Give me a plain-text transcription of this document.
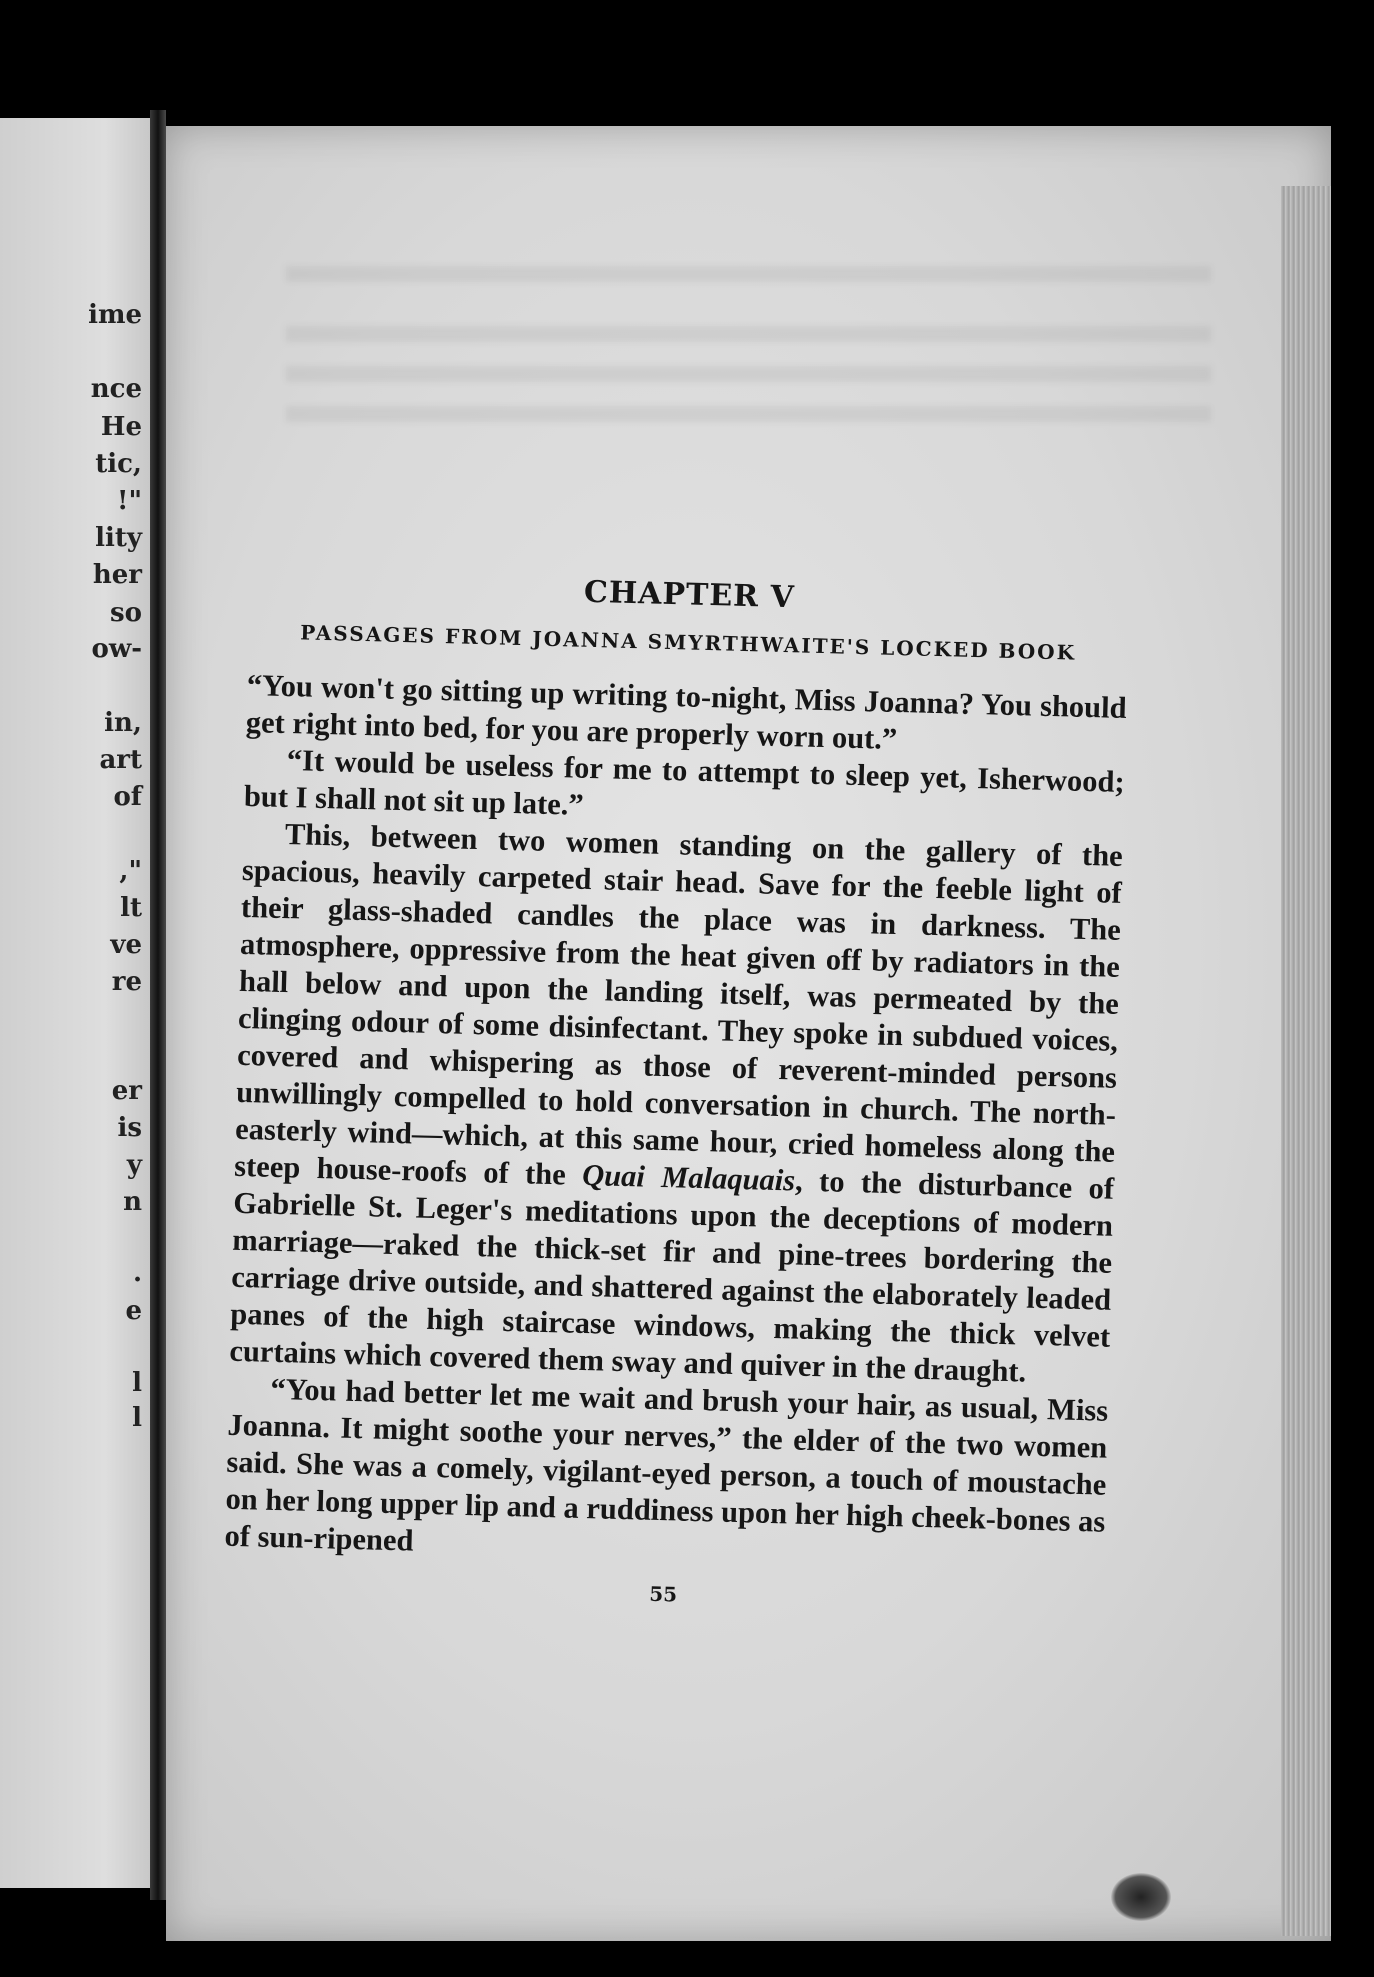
ime
nce
He
tic,
!"
lity
her
so
ow-
in,
art
of
,"
lt
ve
re
er
is
y
n
.
e
l
l
CHAPTER V
PASSAGES FROM JOANNA SMYRTHWAITE'S LOCKED BOOK

“You won't go sitting up writing to-night, Miss Joanna? You should get right into bed, for you are properly worn out.”

“It would be useless for me to attempt to sleep yet, Isherwood; but I shall not sit up late.”

This, between two women standing on the gallery of the spacious, heavily carpeted stair head. Save for the feeble light of their glass-shaded candles the place was in darkness. The atmosphere, oppressive from the heat given off by radiators in the hall below and upon the landing itself, was permeated by the clinging odour of some disinfectant. They spoke in subdued voices, covered and whispering as those of reverent-minded persons unwillingly compelled to hold conversation in church. The north-easterly wind—which, at this same hour, cried homeless along the steep house-roofs of the Quai Malaquais, to the disturbance of Gabrielle St. Leger's meditations upon the deceptions of modern marriage—raked the thick-set fir and pine-trees bordering the carriage drive outside, and shattered against the elaborately leaded panes of the high staircase windows, making the thick velvet curtains which covered them sway and quiver in the draught.

“You had better let me wait and brush your hair, as usual, Miss Joanna. It might soothe your nerves,” the elder of the two women said. She was a comely, vigilant-eyed person, a touch of moustache on her long upper lip and a ruddiness upon her high cheek-bones as of sun-ripened

55
